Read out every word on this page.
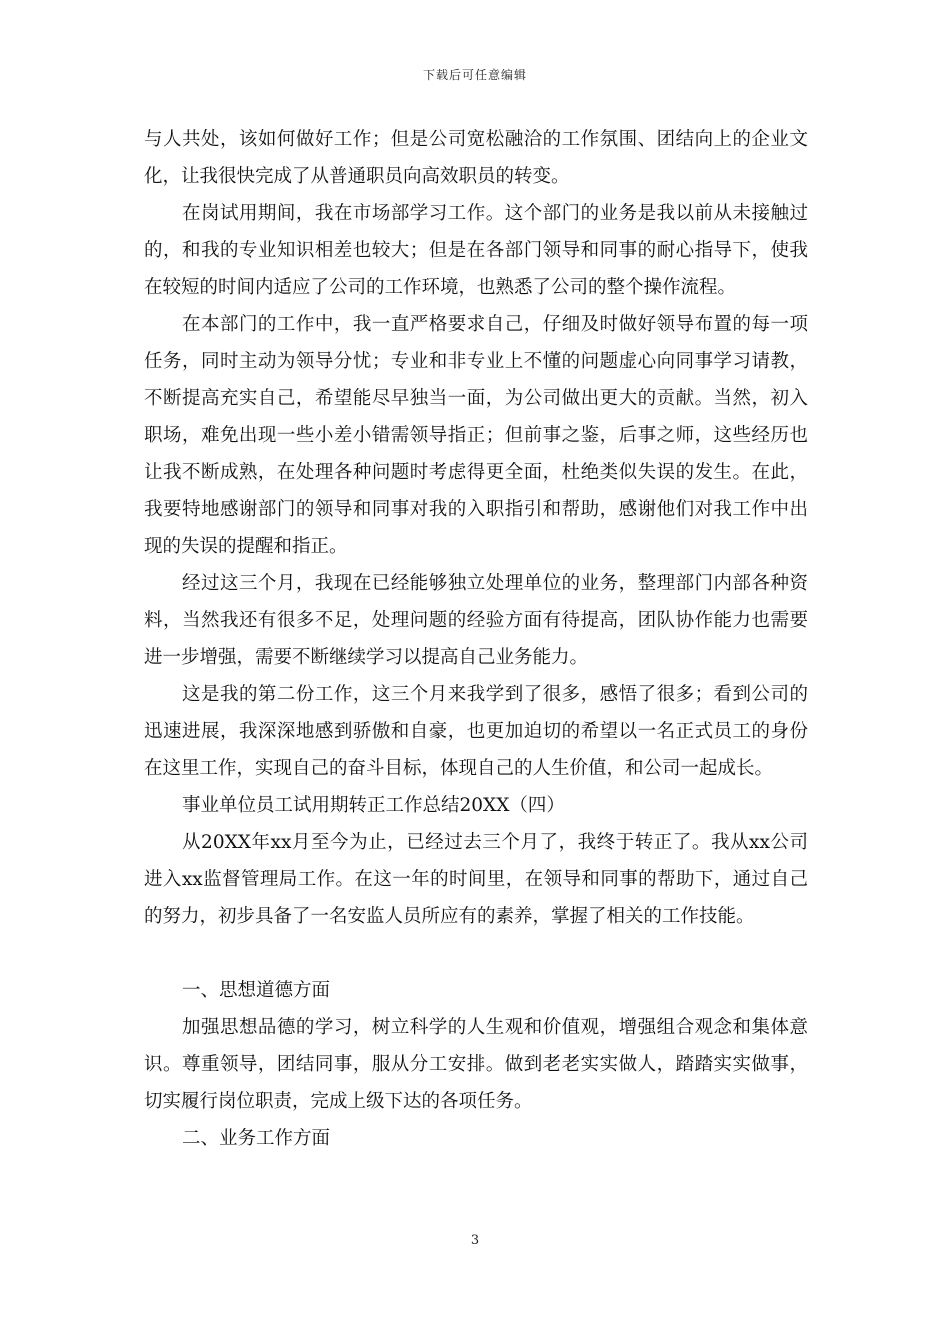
下载后可任意编辑

与人共处，该如何做好工作；但是公司宽松融洽的工作氛围、团结向上的企业文化，让我很快完成了从普通职员向高效职员的转变。

在岗试用期间，我在市场部学习工作。这个部门的业务是我以前从未接触过的，和我的专业知识相差也较大；但是在各部门领导和同事的耐心指导下，使我在较短的时间内适应了公司的工作环境，也熟悉了公司的整个操作流程。

在本部门的工作中，我一直严格要求自己，仔细及时做好领导布置的每一项任务，同时主动为领导分忧；专业和非专业上不懂的问题虚心向同事学习请教，不断提高充实自己，希望能尽早独当一面，为公司做出更大的贡献。当然，初入职场，难免出现一些小差小错需领导指正；但前事之鉴，后事之师，这些经历也让我不断成熟，在处理各种问题时考虑得更全面，杜绝类似失误的发生。在此，我要特地感谢部门的领导和同事对我的入职指引和帮助，感谢他们对我工作中出现的失误的提醒和指正。

经过这三个月，我现在已经能够独立处理单位的业务，整理部门内部各种资料，当然我还有很多不足，处理问题的经验方面有待提高，团队协作能力也需要进一步增强，需要不断继续学习以提高自己业务能力。

这是我的第二份工作，这三个月来我学到了很多，感悟了很多；看到公司的迅速进展，我深深地感到骄傲和自豪，也更加迫切的希望以一名正式员工的身份在这里工作，实现自己的奋斗目标，体现自己的人生价值，和公司一起成长。

事业单位员工试用期转正工作总结20XX（四）

从20XX年xx月至今为止，已经过去三个月了，我终于转正了。我从xx公司进入xx监督管理局工作。在这一年的时间里，在领导和同事的帮助下，通过自己的努力，初步具备了一名安监人员所应有的素养，掌握了相关的工作技能。

一、思想道德方面

加强思想品德的学习，树立科学的人生观和价值观，增强组合观念和集体意识。尊重领导，团结同事，服从分工安排。做到老老实实做人，踏踏实实做事，切实履行岗位职责，完成上级下达的各项任务。

二、业务工作方面

3
